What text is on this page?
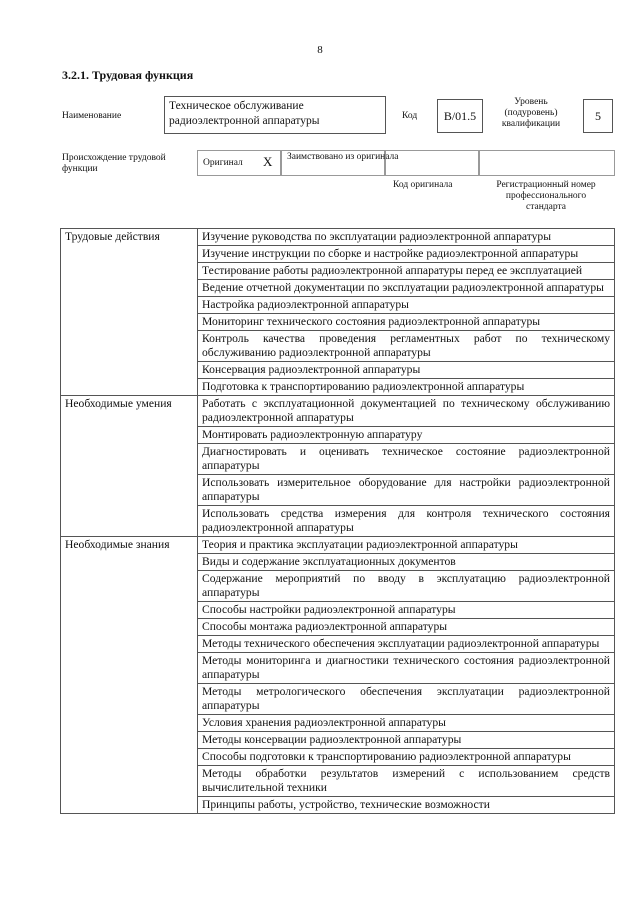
8
3.2.1. Трудовая функция
Наименование
Техническое обслуживание радиоэлектронной аппаратуры	Код B/01.5
Уровень (подуровень) квалификации
5
Происхождение трудовой функции
Оригинал X Заимствовано из оригинала
Код оригинала	Регистрационный номер профессионального стандарта
Трудовые действия	Изучение руководства по эксплуатации радиоэлектронной аппаратуры
	Изучение инструкции по сборке и настройке радиоэлектронной аппаратуры
	Тестирование работы радиоэлектронной аппаратуры перед ее эксплуатацией
	Ведение отчетной документации по эксплуатации радиоэлектронной аппаратуры
	Настройка радиоэлектронной аппаратуры
	Мониторинг технического состояния радиоэлектронной аппаратуры
	Контроль качества проведения регламентных работ по техническому обслуживанию радиоэлектронной аппаратуры
	Консервация радиоэлектронной аппаратуры
	Подготовка к транспортированию радиоэлектронной аппаратуры
Необходимые умения	Работать с эксплуатационной документацией по техническому обслуживанию радиоэлектронной аппаратуры
	Монтировать радиоэлектронную аппаратуру
	Диагностировать и оценивать техническое состояние радиоэлектронной аппаратуры
	Использовать измерительное оборудование для настройки радиоэлектронной аппаратуры
	Использовать средства измерения для контроля технического состояния радиоэлектронной аппаратуры
Необходимые знания	Теория и практика эксплуатации радиоэлектронной аппаратуры
	Виды и содержание эксплуатационных документов
	Содержание мероприятий по вводу в эксплуатацию радиоэлектронной аппаратуры
	Способы настройки радиоэлектронной аппаратуры
	Способы монтажа радиоэлектронной аппаратуры
	Методы технического обеспечения эксплуатации радиоэлектронной аппаратуры
	Методы мониторинга и диагностики технического состояния радиоэлектронной аппаратуры
	Методы метрологического обеспечения эксплуатации радиоэлектронной аппаратуры
	Условия хранения радиоэлектронной аппаратуры
	Методы консервации радиоэлектронной аппаратуры
	Способы подготовки к транспортированию радиоэлектронной аппаратуры
	Методы обработки результатов измерений с использованием средств вычислительной техники
	Принципы работы, устройство, технические возможности
